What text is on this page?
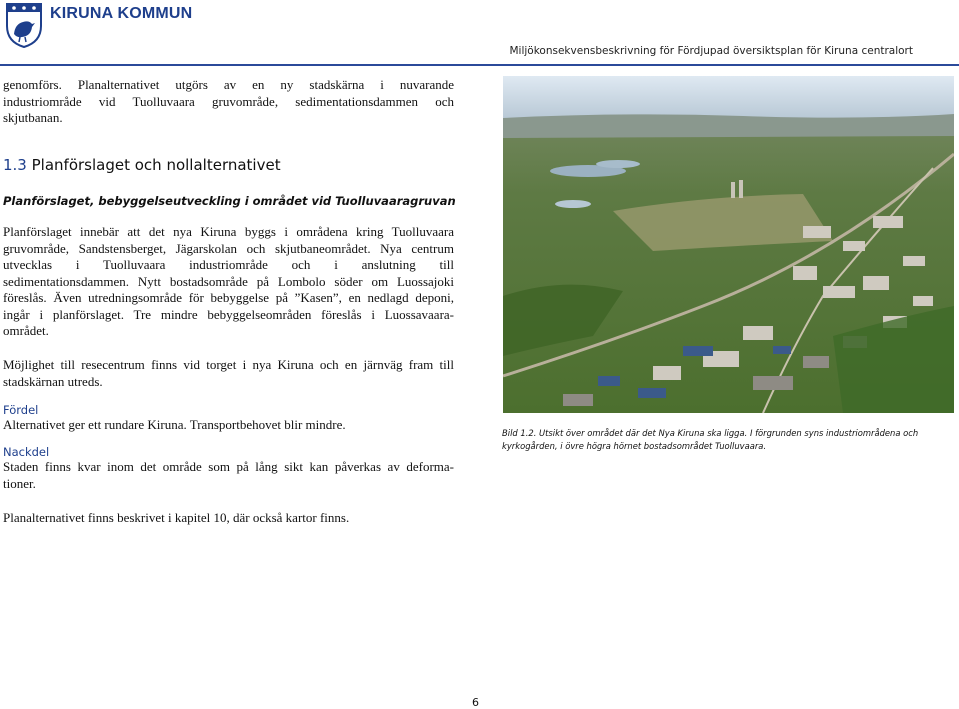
KIRUNA KOMMUN
Miljökonsekvensbeskrivning för Fördjupad översiktsplan för Kiruna centralort
genomförs. Planalternativet utgörs av en ny stadskärna i nuvarande
industriområde vid Tuolluvaara gruvområde, sedimentationsdammen och
skjutbanan.
1.3 Planförslaget och nollalternativet
Planförslaget, bebyggelseutveckling i området vid Tuolluvaaragruvan
Planförslaget innebär att det nya Kiruna byggs i områdena kring Tuolluvaara
gruvområde, Sandstensberget, Jägarskolan och skjutbaneområdet. Nya centrum
utvecklas i Tuolluvaara industriområde och i anslutning till
sedimentationsdammen. Nytt bostadsområde på Lombolo söder om Luossajoki
föreslås. Även utredningsområde för bebyggelse på ”Kasen”, en nedlagd deponi,
ingår i planförslaget. Tre mindre bebyggelseområden föreslås i Luossavaara-
området.
Möjlighet till resecentrum finns vid torget i nya Kiruna och en järnväg fram till
stadskärnan utreds.
Fördel
Alternativet ger ett rundare Kiruna. Transportbehovet blir mindre.
Nackdel
Staden finns kvar inom det område som på lång sikt kan påverkas av deforma-
tioner.
Planalternativet finns beskrivet i kapitel 10, där också kartor finns.
Bild 1.2. Utsikt över området där det Nya Kiruna ska ligga. I förgrunden syns industriområdena och
kyrkogården, i övre högra hörnet bostadsområdet Tuolluvaara.
6
